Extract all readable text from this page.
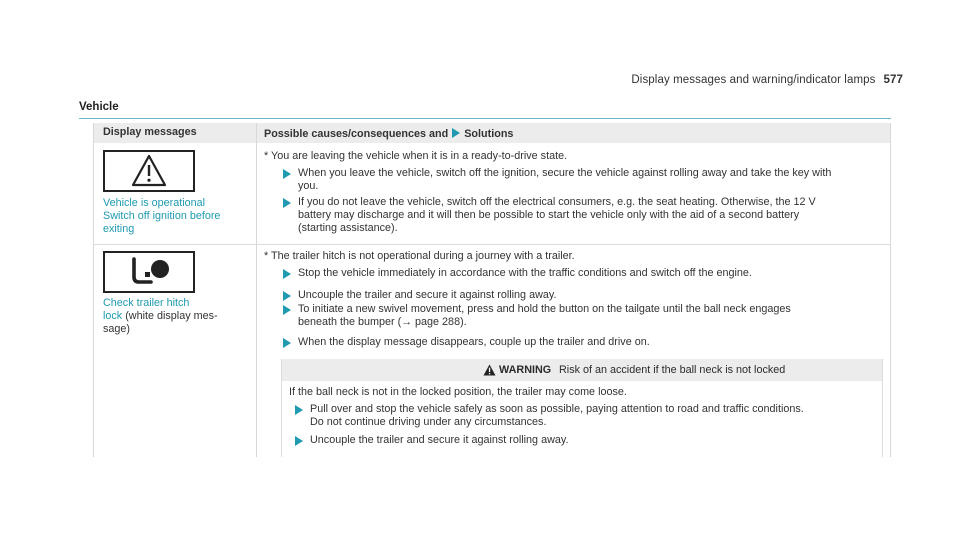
Display messages and warning/indicator lamps 577
Vehicle
Display messages	Possible causes/consequences and Solutions
Vehicle is operational
Switch off ignition before
exiting
* You are leaving the vehicle when it is in a ready-to-drive state.
When you leave the vehicle, switch off the ignition, secure the vehicle against rolling away and take the key with
you.
If you do not leave the vehicle, switch off the electrical consumers, e.g. the seat heating. Otherwise, the 12 V
battery may discharge and it will then be possible to start the vehicle only with the aid of a second battery
(starting assistance).
Check trailer hitch
lock (white display mes-
sage)
* The trailer hitch is not operational during a journey with a trailer.
Stop the vehicle immediately in accordance with the traffic conditions and switch off the engine.
Uncouple the trailer and secure it against rolling away.
To initiate a new swivel movement, press and hold the button on the tailgate until the ball neck engages
beneath the bumper (→ page 288).
When the display message disappears, couple up the trailer and drive on.
WARNING Risk of an accident if the ball neck is not locked
If the ball neck is not in the locked position, the trailer may come loose.
Pull over and stop the vehicle safely as soon as possible, paying attention to road and traffic conditions.
Do not continue driving under any circumstances.
Uncouple the trailer and secure it against rolling away.
